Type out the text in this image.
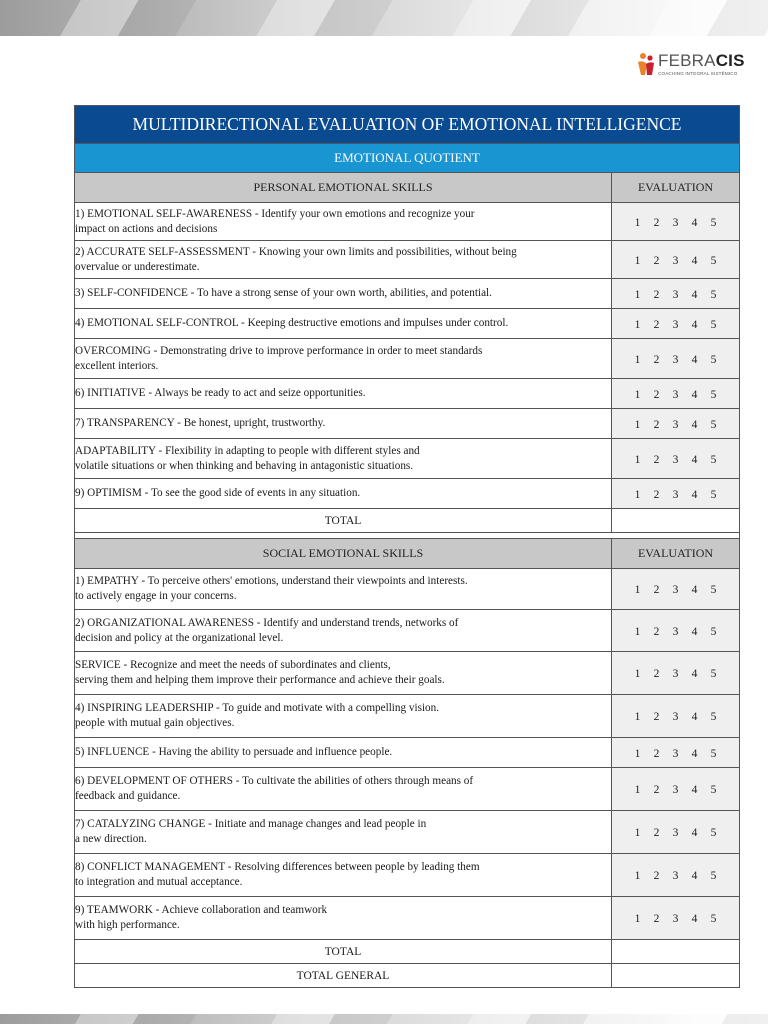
FEBRACIS
COACHING INTEGRAL SISTÊMICO
MULTIDIRECTIONAL EVALUATION OF EMOTIONAL INTELLIGENCE	
EMOTIONAL QUOTIENT	
PERSONAL EMOTIONAL SKILLS	EVALUATION
1) EMOTIONAL SELF-AWARENESS - Identify your own emotions and recognize your
impact on actions and decisions	1 2 3 4 5

2) ACCURATE SELF-ASSESSMENT - Knowing your own limits and possibilities, without being
overvalue or underestimate.	1 2 3 4 5

3) SELF-CONFIDENCE - To have a strong sense of your own worth, abilities, and potential.	1 2 3 4 5

4) EMOTIONAL SELF-CONTROL - Keeping destructive emotions and impulses under control.	1 2 3 4 5

OVERCOMING - Demonstrating drive to improve performance in order to meet standards
excellent interiors.	1 2 3 4 5

6) INITIATIVE - Always be ready to act and seize opportunities.	1 2 3 4 5

7) TRANSPARENCY - Be honest, upright, trustworthy.	1 2 3 4 5

ADAPTABILITY - Flexibility in adapting to people with different styles and
volatile situations or when thinking and behaving in antagonistic situations.	1 2 3 4 5

9) OPTIMISM - To see the good side of events in any situation.	1 2 3 4 5

TOTAL	

SOCIAL EMOTIONAL SKILLS	EVALUATION
1) EMPATHY - To perceive others' emotions, understand their viewpoints and interests.
to actively engage in your concerns.	1 2 3 4 5

2) ORGANIZATIONAL AWARENESS - Identify and understand trends, networks of
decision and policy at the organizational level.	1 2 3 4 5

SERVICE - Recognize and meet the needs of subordinates and clients,
serving them and helping them improve their performance and achieve their goals.	1 2 3 4 5

4) INSPIRING LEADERSHIP - To guide and motivate with a compelling vision.
people with mutual gain objectives.	1 2 3 4 5

5) INFLUENCE - Having the ability to persuade and influence people.	1 2 3 4 5

6) DEVELOPMENT OF OTHERS - To cultivate the abilities of others through means of
feedback and guidance.	1 2 3 4 5

7) CATALYZING CHANGE - Initiate and manage changes and lead people in
a new direction.	1 2 3 4 5

8) CONFLICT MANAGEMENT - Resolving differences between people by leading them
to integration and mutual acceptance.	1 2 3 4 5

9) TEAMWORK - Achieve collaboration and teamwork
with high performance.	1 2 3 4 5

TOTAL	
TOTAL GENERAL	
